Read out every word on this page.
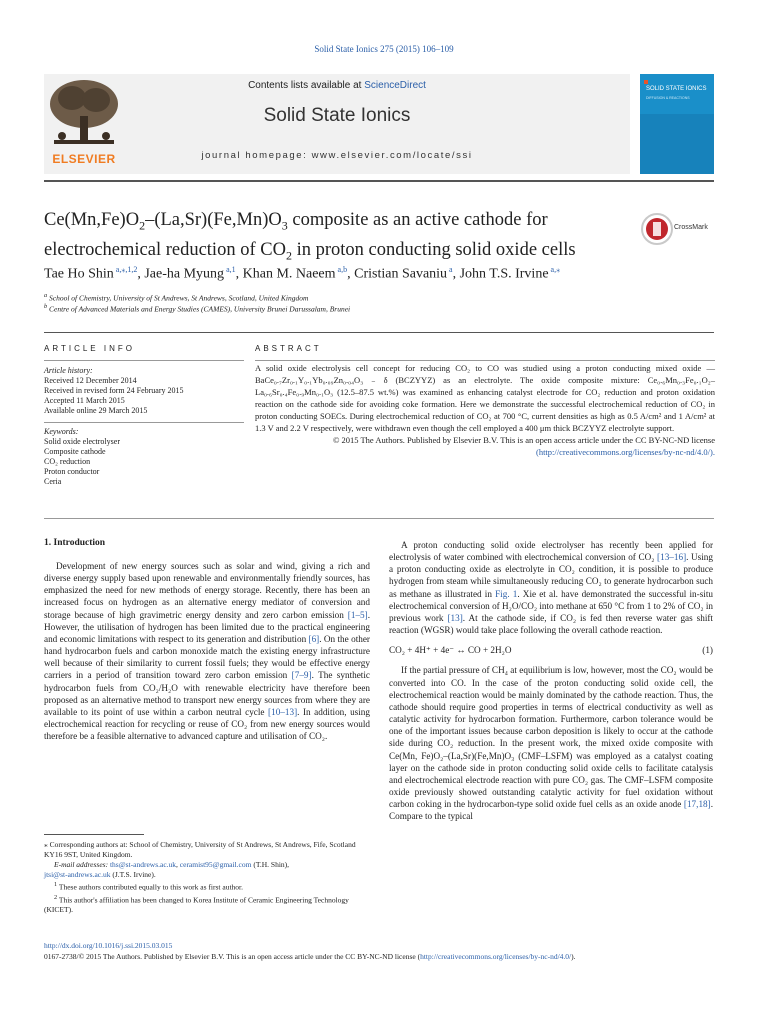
Solid State Ionics 275 (2015) 106–109
ELSEVIER
Contents lists available at ScienceDirect
Solid State Ionics
journal homepage: www.elsevier.com/locate/ssi
SOLID STATE IONICS
DIFFUSION & REACTIONS
$Ce(Mn,Fe)O_2-(La,Sr)(Fe,Mn)O_3$ composite as an active cathode for
electrochemical reduction of $CO_2$ in proton conducting solid oxide cells
CrossMark
Tae Ho Shin $^{a,⁎,1,2}$, Jae-ha Myung $^{a,1}$, Khan M. Naeem $^{a,b}$, Cristian Savaniu $^a$, John T.S. Irvine $^{a,⁎}$
$^a$ School of Chemistry, University of St Andrews, St Andrews, Scotland, United Kingdom
$^b$ Centre of Advanced Materials and Energy Studies (CAMES), University Brunei Darussalam, Brunei
ARTICLE INFO
Article history:
Received 12 December 2014
Received in revised form 24 February 2015
Accepted 11 March 2015
Available online 29 March 2015
Keywords:
Solid oxide electrolyser
Composite cathode
CO₂ reduction
Proton conductor
Ceria
ABSTRACT
A solid oxide electrolysis cell concept for reducing CO₂ to CO was studied using a proton conducting mixed oxide — BaCe₀.₇Zr₀.₁Y₀.₁Yb₀.₀₉Zn₀.₀₄O₃ ₋ δ (BCZYYZ) as an electrolyte. The oxide composite mixture: Ce₀.₆Mn₀.₃Fe₀.₁O₂–La₀.₆Sr₀.₄Fe₀.₉Mn₀.₁O₃ (12.5–87.5 wt.%) was examined as enhancing catalyst electrode for CO₂ reduction and proton oxidation reaction on the cathode side for avoiding coke formation. Here we demonstrate the successful electrochemical reduction of CO₂ in proton conducting SOECs. During electrochemical reduction of CO₂ at 700 °C, current densities as high as 0.5 A/cm² and 1 A/cm² at 1.3 V and 2.2 V respectively, were withdrawn even though the cell employed a 400 μm thick BCZYYZ electrolyte support.
© 2015 The Authors. Published by Elsevier B.V. This is an open access article under the CC BY-NC-ND license (http://creativecommons.org/licenses/by-nc-nd/4.0/).
1. Introduction

Development of new energy sources such as solar and wind, giving a rich and diverse energy supply based upon renewable and environmentally friendly sources, has emphasized the need for new methods of energy storage. Recently, there has been an increased focus on hydrogen as an alternative energy mediator of conversion and storage because of high gravimetric energy density and zero carbon emission [1–5]. However, the utilisation of hydrogen has been limited due to the practical engineering and economic limitations with respect to its generation and distribution [6]. On the other hand hydrocarbon fuels and carbon monoxide match the existing energy infrastructure well because of their similarity to current fossil fuels; they would be effective energy carriers in a period of transition toward zero carbon emission [7–9]. The synthetic hydrocarbon fuels from CO₂/H₂O with renewable electricity have therefore been proposed as an alternative method to transport new energy sources from where they are available to its point of use within a carbon neutral cycle [10–13]. In addition, using electrochemical reaction for recycling or reuse of CO₂ from new energy sources would therefore be a feasible alternative to advanced capture and utilisation of CO₂.

A proton conducting solid oxide electrolyser has recently been applied for electrolysis of water combined with electrochemical conversion of CO₂ [13–16]. Using a proton conducting oxide as electrolyte in CO₂ condition, it is possible to produce hydrogen from steam while simultaneously reducing CO₂ to generate hydrocarbon such as methane as illustrated in Fig. 1. Xie et al. have demonstrated the successful in-situ electrochemical conversion of H₂O/CO₂ into methane at 650 °C from 1 to 2% of CO₂ in previous work [13]. At the cathode side, if CO₂ is fed then reverse water gas shift reaction (WGSR) would take place following the overall cathode reaction.

CO₂ + 4H⁺ + 4e⁻ ↔ CO + 2H₂O	(1)

If the partial pressure of CH₄ at equilibrium is low, however, most the CO₂ would be converted into CO. In the case of the proton conducting solid oxide cell, the electrochemical reaction would be mainly dominated by the cathode reaction. Thus, the cathode should require good properties in terms of electrical conductivity as well as catalytic activity for hydrocarbon formation. Furthermore, carbon tolerance would be one of the important issues because carbon deposition is likely to occur at the cathode side during CO₂ reduction. In the present work, the mixed oxide composite with Ce(Mn, Fe)O₂–(La,Sr)(Fe,Mn)O₃ (CMF–LSFM) was employed as a catalyst coating layer on the cathode side in proton conducting solid oxide cells to facilitate catalysis and electrochemical electrode reaction with pure CO₂ gas. The CMF–LSFM composite oxide previously showed outstanding catalytic activity for fuel oxidation without carbon coking in the hydrocarbon-type solid oxide fuel cells as an oxide anode [17,18]. Compare to the typical

⁎ Corresponding authors at: School of Chemistry, University of St Andrews, St Andrews, Fife, Scotland KY16 9ST, United Kingdom.
E-mail addresses: ths@st-andrews.ac.uk, ceramist95@gmail.com (T.H. Shin),
jtsi@st-andrews.ac.uk (J.T.S. Irvine).
$^1$ These authors contributed equally to this work as first author.
$^2$ This author's affiliation has been changed to Korea Institute of Ceramic Engineering Technology (KICET).
http://dx.doi.org/10.1016/j.ssi.2015.03.015
0167-2738/© 2015 The Authors. Published by Elsevier B.V. This is an open access article under the CC BY-NC-ND license (http://creativecommons.org/licenses/by-nc-nd/4.0/).
